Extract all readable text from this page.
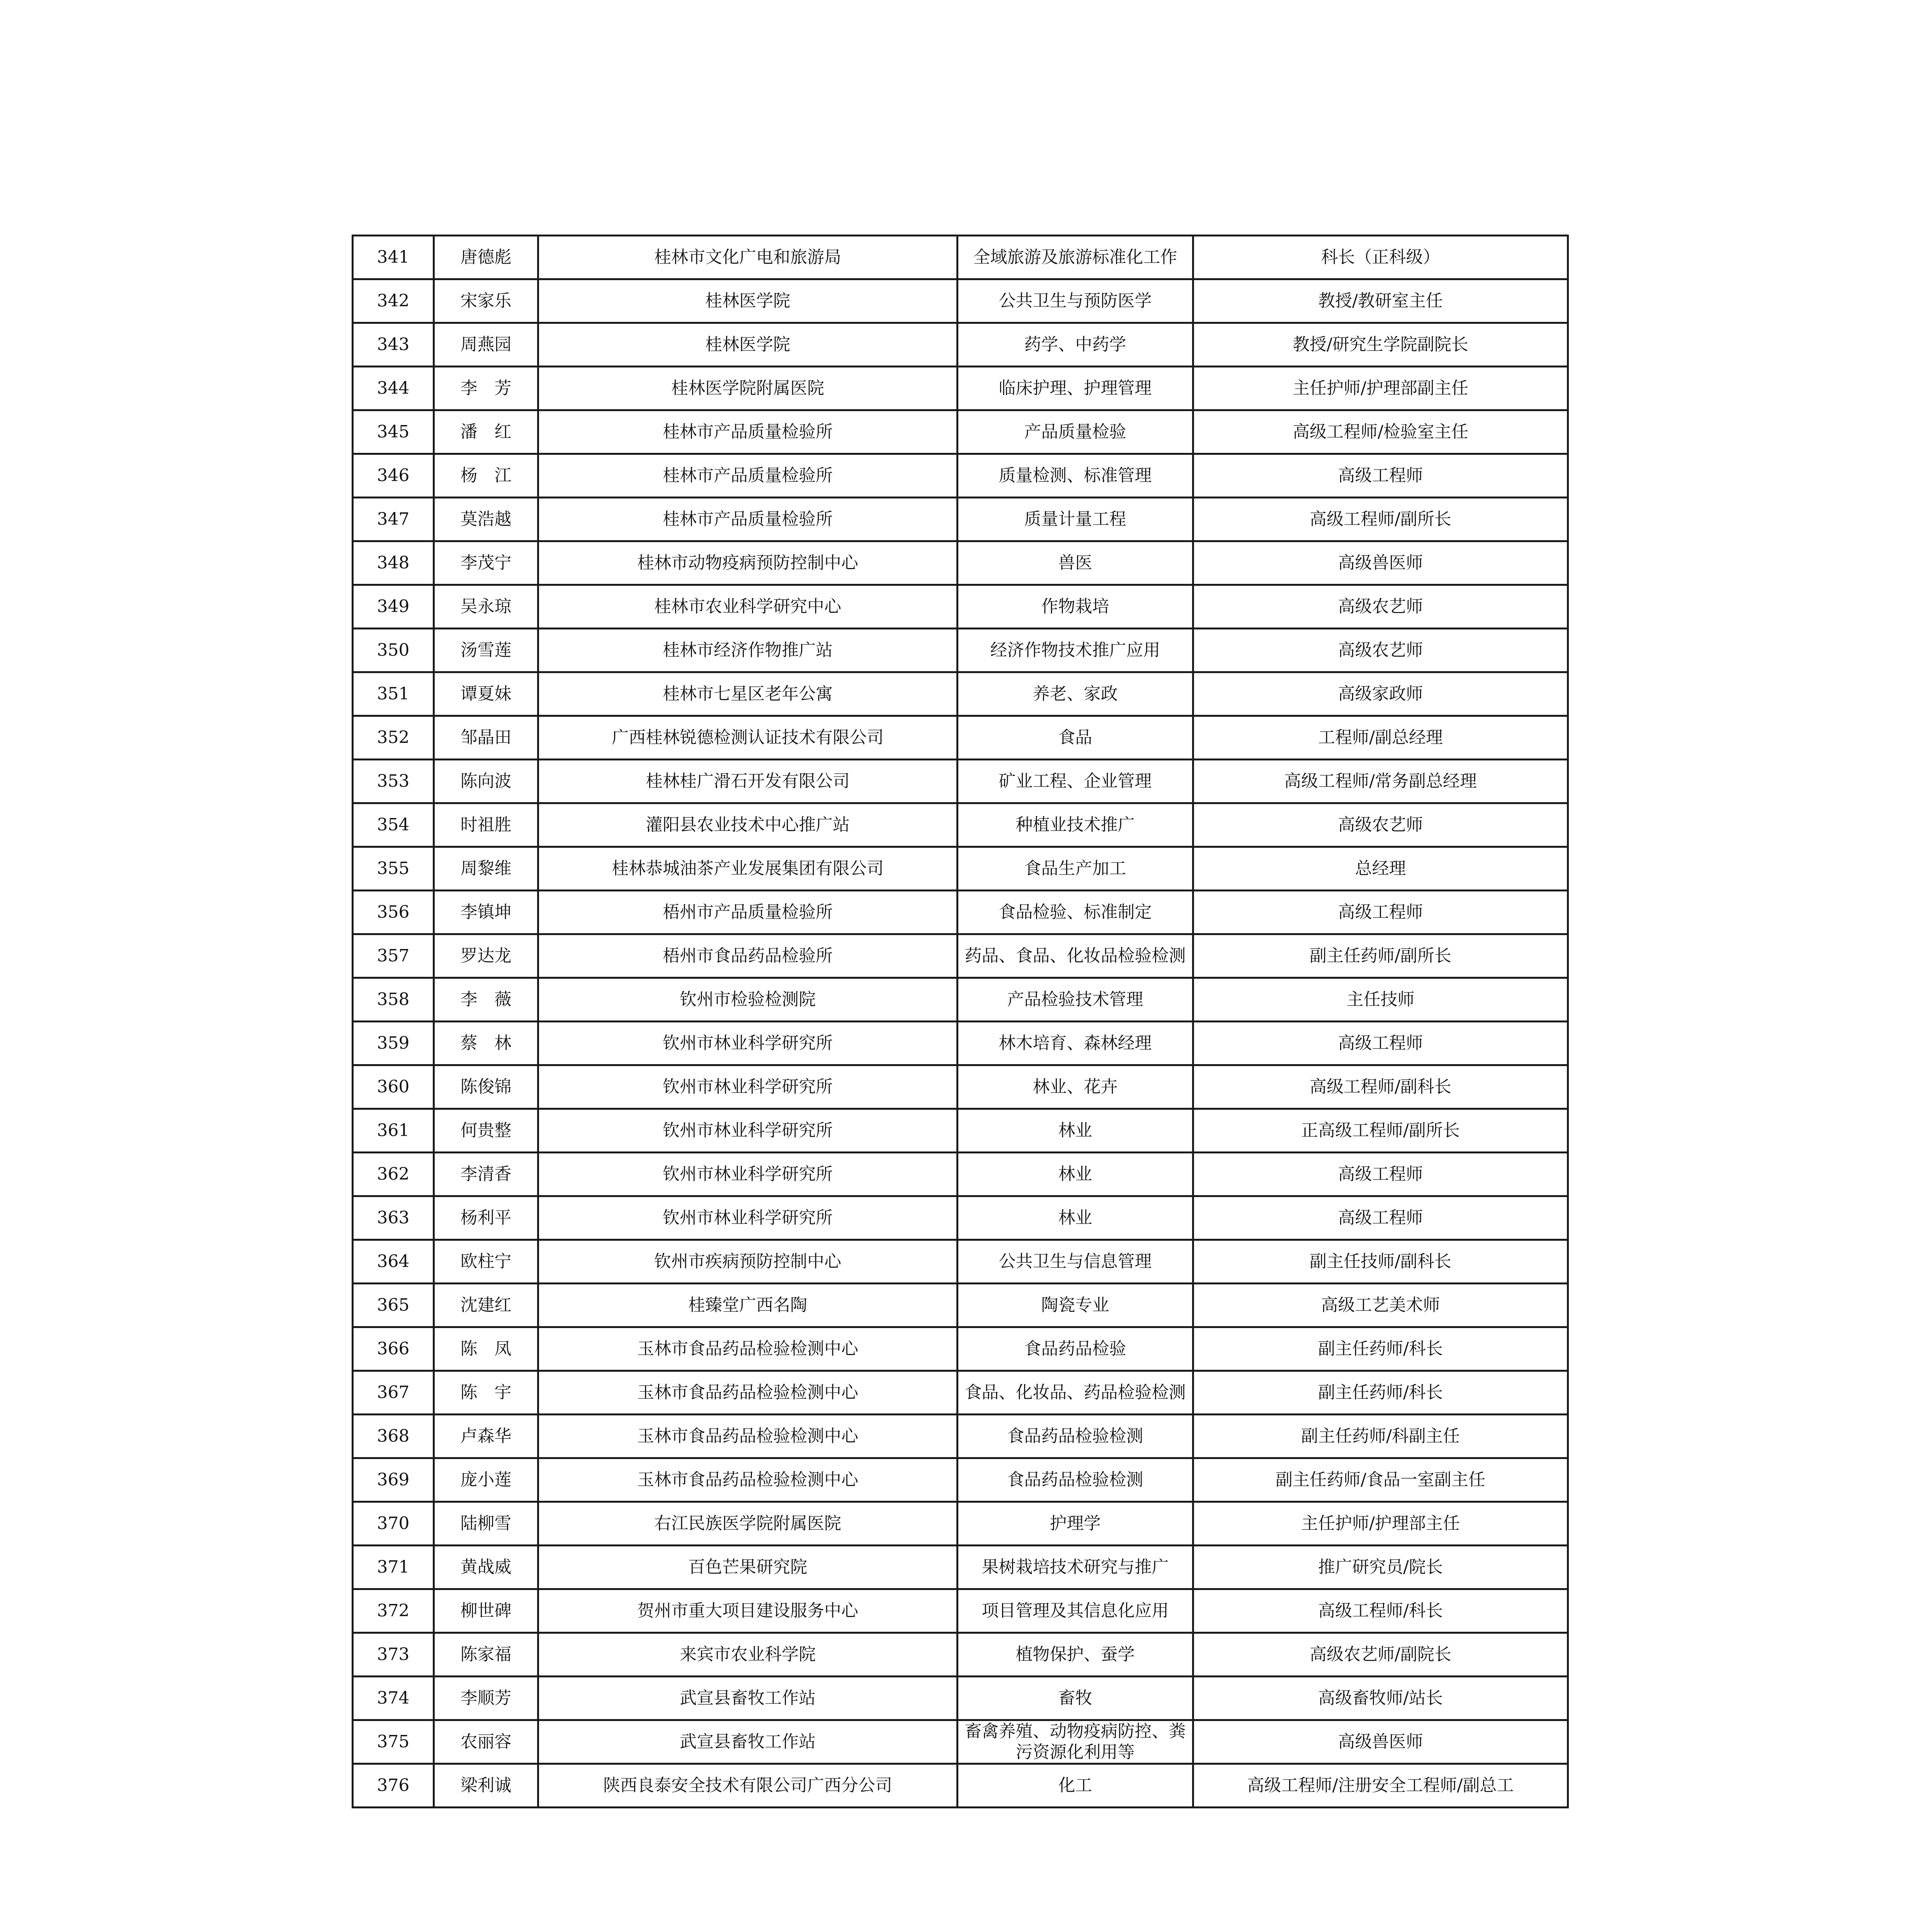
341	唐德彪	桂林市文化广电和旅游局	全域旅游及旅游标准化工作	科长（正科级）
342	宋家乐	桂林医学院	公共卫生与预防医学	教授/教研室主任
343	周燕园	桂林医学院	药学、中药学	教授/研究生学院副院长
344	李　芳	桂林医学院附属医院	临床护理、护理管理	主任护师/护理部副主任
345	潘　红	桂林市产品质量检验所	产品质量检验	高级工程师/检验室主任
346	杨　江	桂林市产品质量检验所	质量检测、标准管理	高级工程师
347	莫浩越	桂林市产品质量检验所	质量计量工程	高级工程师/副所长
348	李茂宁	桂林市动物疫病预防控制中心	兽医	高级兽医师
349	吴永琼	桂林市农业科学研究中心	作物栽培	高级农艺师
350	汤雪莲	桂林市经济作物推广站	经济作物技术推广应用	高级农艺师
351	谭夏妹	桂林市七星区老年公寓	养老、家政	高级家政师
352	邹晶田	广西桂林锐德检测认证技术有限公司	食品	工程师/副总经理
353	陈向波	桂林桂广滑石开发有限公司	矿业工程、企业管理	高级工程师/常务副总经理
354	时祖胜	灌阳县农业技术中心推广站	种植业技术推广	高级农艺师
355	周黎维	桂林恭城油茶产业发展集团有限公司	食品生产加工	总经理
356	李镇坤	梧州市产品质量检验所	食品检验、标准制定	高级工程师
357	罗达龙	梧州市食品药品检验所	药品、食品、化妆品检验检测	副主任药师/副所长
358	李　薇	钦州市检验检测院	产品检验技术管理	主任技师
359	蔡　林	钦州市林业科学研究所	林木培育、森林经理	高级工程师
360	陈俊锦	钦州市林业科学研究所	林业、花卉	高级工程师/副科长
361	何贵整	钦州市林业科学研究所	林业	正高级工程师/副所长
362	李清香	钦州市林业科学研究所	林业	高级工程师
363	杨利平	钦州市林业科学研究所	林业	高级工程师
364	欧柱宁	钦州市疾病预防控制中心	公共卫生与信息管理	副主任技师/副科长
365	沈建红	桂臻堂广西名陶	陶瓷专业	高级工艺美术师
366	陈　凤	玉林市食品药品检验检测中心	食品药品检验	副主任药师/科长
367	陈　宇	玉林市食品药品检验检测中心	食品、化妆品、药品检验检测	副主任药师/科长
368	卢森华	玉林市食品药品检验检测中心	食品药品检验检测	副主任药师/科副主任
369	庞小莲	玉林市食品药品检验检测中心	食品药品检验检测	副主任药师/食品一室副主任
370	陆柳雪	右江民族医学院附属医院	护理学	主任护师/护理部主任
371	黄战威	百色芒果研究院	果树栽培技术研究与推广	推广研究员/院长
372	柳世碑	贺州市重大项目建设服务中心	项目管理及其信息化应用	高级工程师/科长
373	陈家福	来宾市农业科学院	植物保护、蚕学	高级农艺师/副院长
374	李顺芳	武宣县畜牧工作站	畜牧	高级畜牧师/站长
375	农丽容	武宣县畜牧工作站	畜禽养殖、动物疫病防控、粪污资源化利用等	高级兽医师
376	梁利诚	陕西良泰安全技术有限公司广西分公司	化工	高级工程师/注册安全工程师/副总工
